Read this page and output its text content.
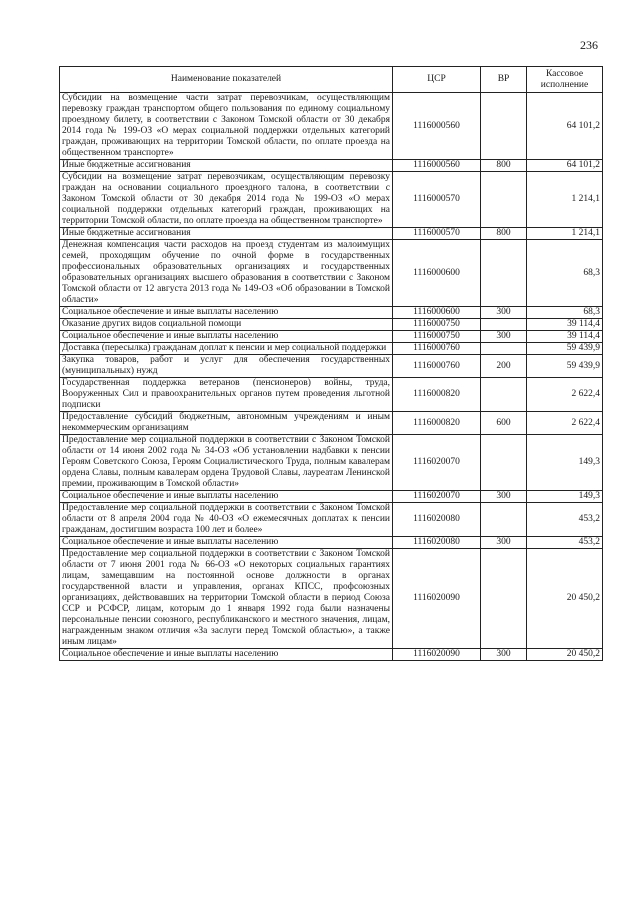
236
Наименование показателей	ЦСР	ВР	Кассовое исполнение
Субсидии на возмещение части затрат перевозчикам, осуществляющим перевозку граждан транспортом общего пользования по единому социальному проездному билету, в соответствии с Законом Томской области от 30 декабря 2014 года № 199-ОЗ «О мерах социальной поддержки отдельных категорий граждан, проживающих на территории Томской области, по оплате проезда на общественном транспорте»	1116000560		64 101,2
Иные бюджетные ассигнования	1116000560	800	64 101,2
Субсидии на возмещение затрат перевозчикам, осуществляющим перевозку граждан на основании социального проездного талона, в соответствии с Законом Томской области от 30 декабря 2014 года № 199-ОЗ «О мерах социальной поддержки отдельных категорий граждан, проживающих на территории Томской области, по оплате проезда на общественном транспорте»	1116000570		1 214,1
Иные бюджетные ассигнования	1116000570	800	1 214,1
Денежная компенсация части расходов на проезд студентам из малоимущих семей, проходящим обучение по очной форме в государственных профессиональных образовательных организациях и государственных образовательных организациях высшего образования в соответствии с Законом Томской области от 12 августа 2013 года № 149-ОЗ «Об образовании в Томской области»	1116000600		68,3
Социальное обеспечение и иные выплаты населению	1116000600	300	68,3
Оказание других видов социальной помощи	1116000750		39 114,4
Социальное обеспечение и иные выплаты населению	1116000750	300	39 114,4
Доставка (пересылка) гражданам доплат к пенсии и мер социальной поддержки	1116000760		59 439,9
Закупка товаров, работ и услуг для обеспечения государственных (муниципальных) нужд	1116000760	200	59 439,9
Государственная поддержка ветеранов (пенсионеров) войны, труда, Вооруженных Сил и правоохранительных органов путем проведения льготной подписки	1116000820		2 622,4
Предоставление субсидий бюджетным, автономным учреждениям и иным некоммерческим организациям	1116000820	600	2 622,4
Предоставление мер социальной поддержки в соответствии с Законом Томской области от 14 июня 2002 года № 34-ОЗ «Об установлении надбавки к пенсии Героям Советского Союза, Героям Социалистического Труда, полным кавалерам ордена Славы, полным кавалерам ордена Трудовой Славы, лауреатам Ленинской премии, проживающим в Томской области»	1116020070		149,3
Социальное обеспечение и иные выплаты населению	1116020070	300	149,3
Предоставление мер социальной поддержки в соответствии с Законом Томской области от 8 апреля 2004 года № 40-ОЗ «О ежемесячных доплатах к пенсии гражданам, достигшим возраста 100 лет и более»	1116020080		453,2
Социальное обеспечение и иные выплаты населению	1116020080	300	453,2
Предоставление мер социальной поддержки в соответствии с Законом Томской области от 7 июня 2001 года № 66-ОЗ «О некоторых социальных гарантиях лицам, замещавшим на постоянной основе должности в органах государственной власти и управления, органах КПСС, профсоюзных организациях, действовавших на территории Томской области в период Союза ССР и РСФСР, лицам, которым до 1 января 1992 года были назначены персональные пенсии союзного, республиканского и местного значения, лицам, награжденным знаком отличия «За заслуги перед Томской областью», а также иным лицам»	1116020090		20 450,2
Социальное обеспечение и иные выплаты населению	1116020090	300	20 450,2
